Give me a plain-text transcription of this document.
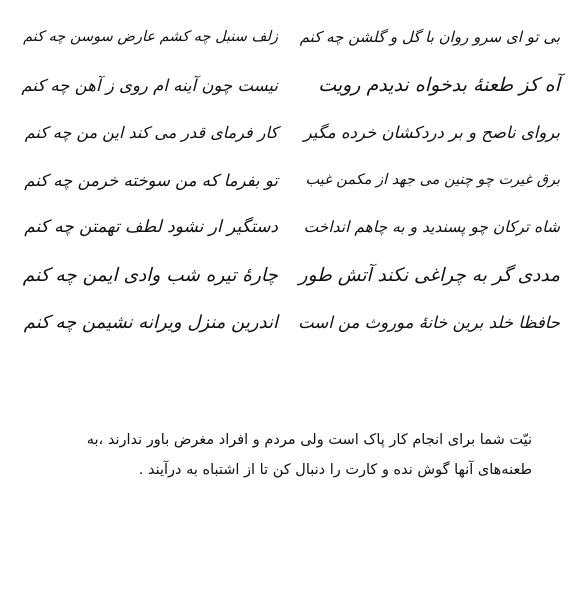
بی تو ای سرو روان با گل و گلشن چه کنم
آه کز طعنهٔ بدخواه ندیدم رویت
بروای ناصح و بر دردکشان خرده مگیر
برق غیرت چو چنین می جهد از مکمن غیب
شاه ترکان چو پسندید و به چاهم انداخت
مددی گر به چراغی نکند آتش طور
حافظا خلد برین خانهٔ موروث من است
زلف سنبل چه کشم عارض سوسن چه کنم
نیست چون آینه ام روی ز آهن چه کنم
کار فرمای قدر می کند این من چه کنم
تو بفرما که من سوخته خرمن چه کنم
دستگیر ار نشود لطف تهمتن چه کنم
چارهٔ تیره شب وادی ایمن چه کنم
اندرین منزل ویرانه نشیمن چه کنم
نیّت شما برای انجام کار پاک است ولی مردم و افراد مغرض باور ندارند ،به طعنه‌های آنها گوش نده و کارت را دنبال کن تا از اشتباه به درآیند .
